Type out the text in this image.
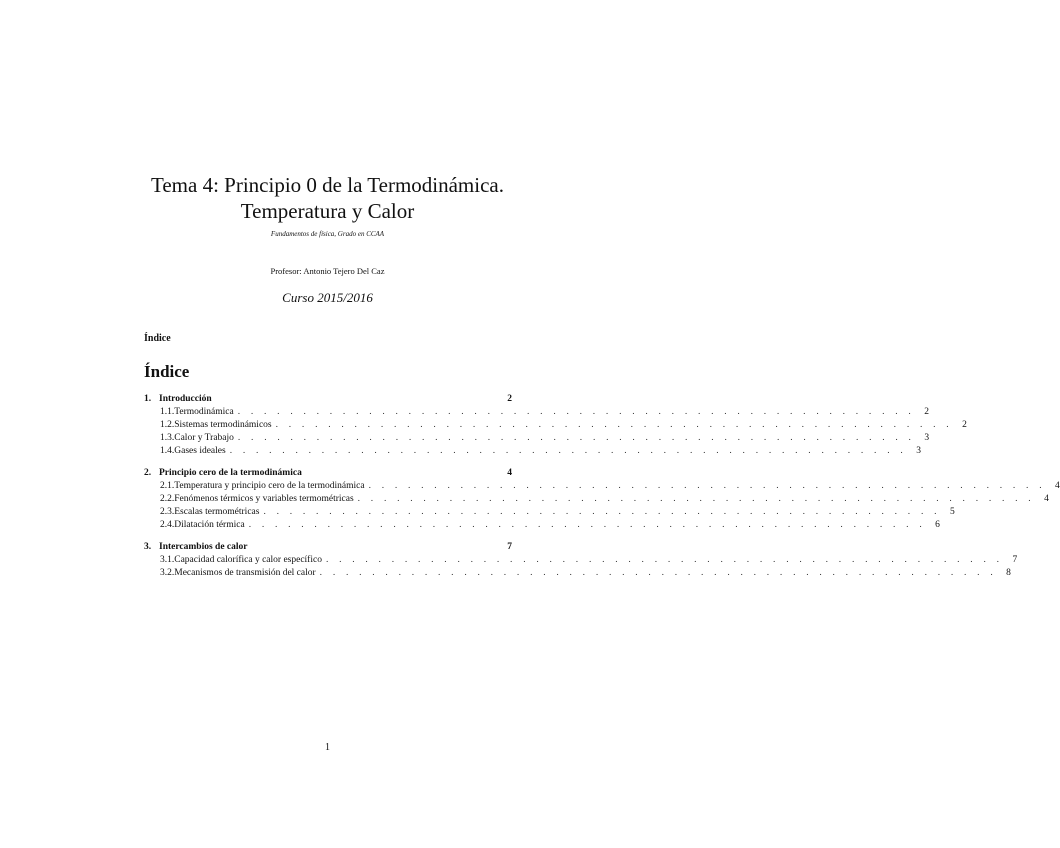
Tema 4: Principio 0 de la Termodinámica.
Temperatura y Calor
Fundamentos de física, Grado en CCAA
Profesor: Antonio Tejero Del Caz
Curso 2015/2016
Índice
Índice
1. Introducción	2
1.1. Termodinámica . . . . . . . . . . . . . . . . . . . . . . . . . . . . . . . . . . . . . . . . . . . . . . . . . . . . 2
1.2. Sistemas termodinámicos . . . . . . . . . . . . . . . . . . . . . . . . . . . . . . . . . . . . . . . . . . . . . . . . . . . . 2
1.3. Calor y Trabajo . . . . . . . . . . . . . . . . . . . . . . . . . . . . . . . . . . . . . . . . . . . . . . . . . . . . 3
1.4. Gases ideales . . . . . . . . . . . . . . . . . . . . . . . . . . . . . . . . . . . . . . . . . . . . . . . . . . . . 3
2. Principio cero de la termodinámica	4
2.1. Temperatura y principio cero de la termodinámica . . . . . . . . . . . . . . . . . . . . . . . . . . . . . . . . . . . . . . . . . . . . . . . . . . . . 4
2.2. Fenómenos térmicos y variables termométricas . . . . . . . . . . . . . . . . . . . . . . . . . . . . . . . . . . . . . . . . . . . . . . . . . . . . 4
2.3. Escalas termométricas . . . . . . . . . . . . . . . . . . . . . . . . . . . . . . . . . . . . . . . . . . . . . . . . . . . . 5
2.4. Dilatación térmica . . . . . . . . . . . . . . . . . . . . . . . . . . . . . . . . . . . . . . . . . . . . . . . . . . . . 6
3. Intercambios de calor	7
3.1. Capacidad calorífica y calor específico . . . . . . . . . . . . . . . . . . . . . . . . . . . . . . . . . . . . . . . . . . . . . . . . . . . . 7
3.2. Mecanismos de transmisión del calor . . . . . . . . . . . . . . . . . . . . . . . . . . . . . . . . . . . . . . . . . . . . . . . . . . . . 8
1
